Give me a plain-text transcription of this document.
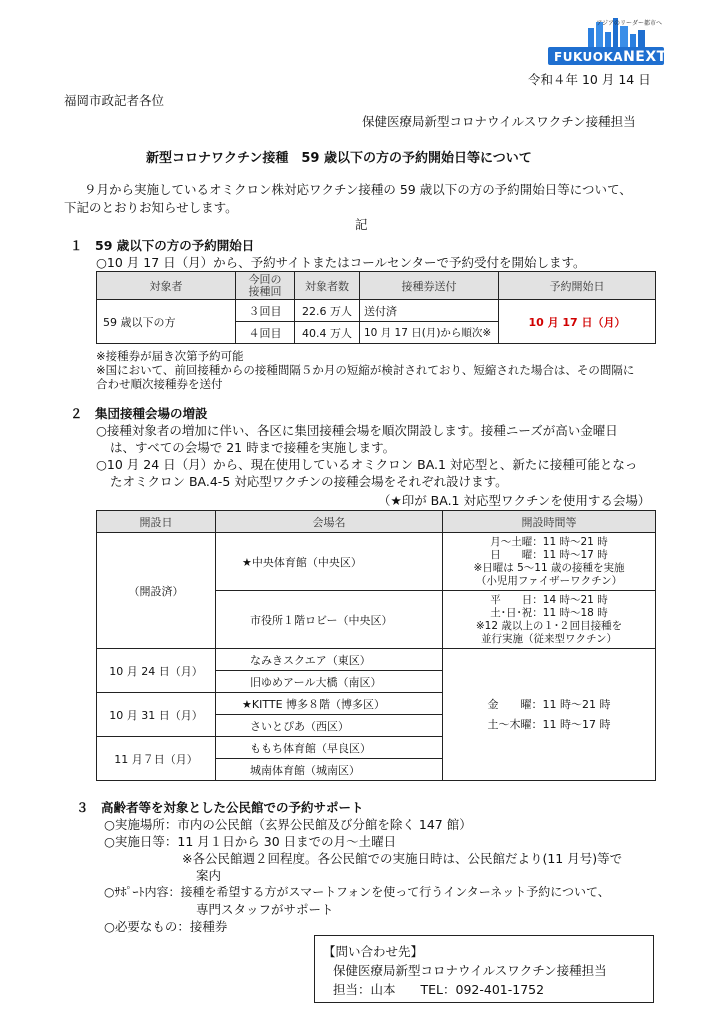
アジアのリーダー都市へ
FUKUOKANEXT
令和４年 10 月 14 日
福岡市政記者各位
保健医療局新型コロナウイルスワクチン接種担当
新型コロナワクチン接種　59 歳以下の方の予約開始日等について
９月から実施しているオミクロン株対応ワクチン接種の 59 歳以下の方の予約開始日等について、
下記のとおりお知らせします。
記
１　59 歳以下の方の予約開始日
○10 月 17 日（月）から、予約サイトまたはコールセンターで予約受付を開始します。
対象者	今回の
接種回	対象者数	接種券送付	予約開始日
59 歳以下の方	３回目	22.6 万人	送付済	10 月 17 日（月）
	４回目	40.4 万人	10 月 17 日(月)から順次※	
※接種券が届き次第予約可能
※国において、前回接種からの接種間隔５か月の短縮が検討されており、短縮された場合は、その間隔に
合わせ順次接種券を送付
２　集団接種会場の増設
○接種対象者の増加に伴い、各区に集団接種会場を順次開設します。接種ニーズが高い金曜日
は、すべての会場で 21 時まで接種を実施します。
○10 月 24 日（月）から、現在使用しているオミクロン BA.1 対応型と、新たに接種可能となっ
たオミクロン BA.4-5 対応型ワクチンの接種会場をそれぞれ設けます。
（★印が BA.1 対応型ワクチンを使用する会場）
開設日	会場名	開設時間等
（開設済）	★中央体育館（中央区）	月～土曜：11 時～21 時
日　　曜：11 時～17 時
※日曜は 5～11 歳の接種を実施
（小児用ファイザーワクチン）

	市役所１階ロビー（中央区）	平　　日：14 時～21 時
土･日･祝：11 時～18 時
※12 歳以上の１･２回目接種を
並行実施（従来型ワクチン）

10 月 24 日（月）	なみきスクエア（東区）	金　　曜：11 時～21 時
土～木曜：11 時～17 時

	旧ゆめアール大橋（南区）	
10 月 31 日（月）	★KITTE 博多８階（博多区）	
	さいとぴあ（西区）	
11 月７日（月）	ももち体育館（早良区）	
	城南体育館（城南区）	
３　高齢者等を対象とした公民館での予約サポート
○実施場所：市内の公民館（玄界公民館及び分館を除く 147 館）
○実施日等：11 月１日から 30 日までの月～土曜日
※各公民館週２回程度。各公民館での実施日時は、公民館だより(11 月号)等で
案内
○ｻﾎﾟｰﾄ内容：接種を希望する方がスマートフォンを使って行うインターネット予約について、
専門スタッフがサポート
○必要なもの：接種券
【問い合わせ先】
保健医療局新型コロナウイルスワクチン接種担当
担当：山本　　TEL：092-401-1752
